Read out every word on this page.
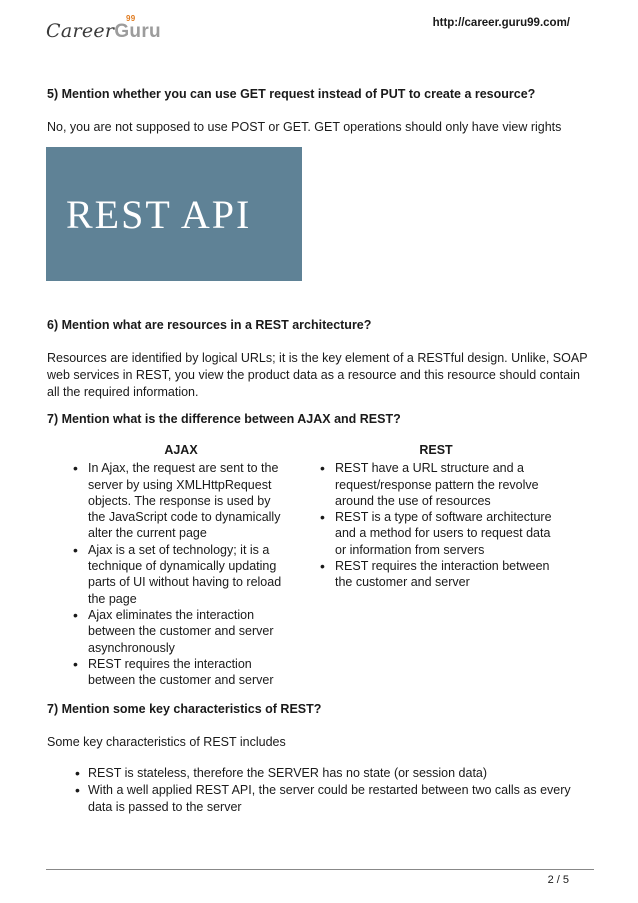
CareerGuru
99	http://career.guru99.com/

5) Mention whether you can use GET request instead of PUT to create a resource?

No, you are not supposed to use POST or GET. GET operations should only have view rights

REST API

6) Mention what are resources in a REST architecture?

Resources are identified by logical URLs; it is the key element of a RESTful design. Unlike, SOAP web services in REST, you view the product data as a resource and this resource should contain all the required information.

7) Mention what is the difference between AJAX and REST?

AJAX
• In Ajax, the request are sent to the server by using XMLHttpRequest objects. The response is used by the JavaScript code to dynamically alter the current page
• Ajax is a set of technology; it is a technique of dynamically updating parts of UI without having to reload the page
• Ajax eliminates the interaction between the customer and server asynchronously
• REST requires the interaction between the customer and server
REST
• REST have a URL structure and a request/response pattern the revolve around the use of resources
• REST is a type of software architecture and a method for users to request data or information from servers
• REST requires the interaction between the customer and server

7) Mention some key characteristics of REST?

Some key characteristics of REST includes

• REST is stateless, therefore the SERVER has no state (or session data)
• With a well applied REST API, the server could be restarted between two calls as every data is passed to the server
2 / 5
